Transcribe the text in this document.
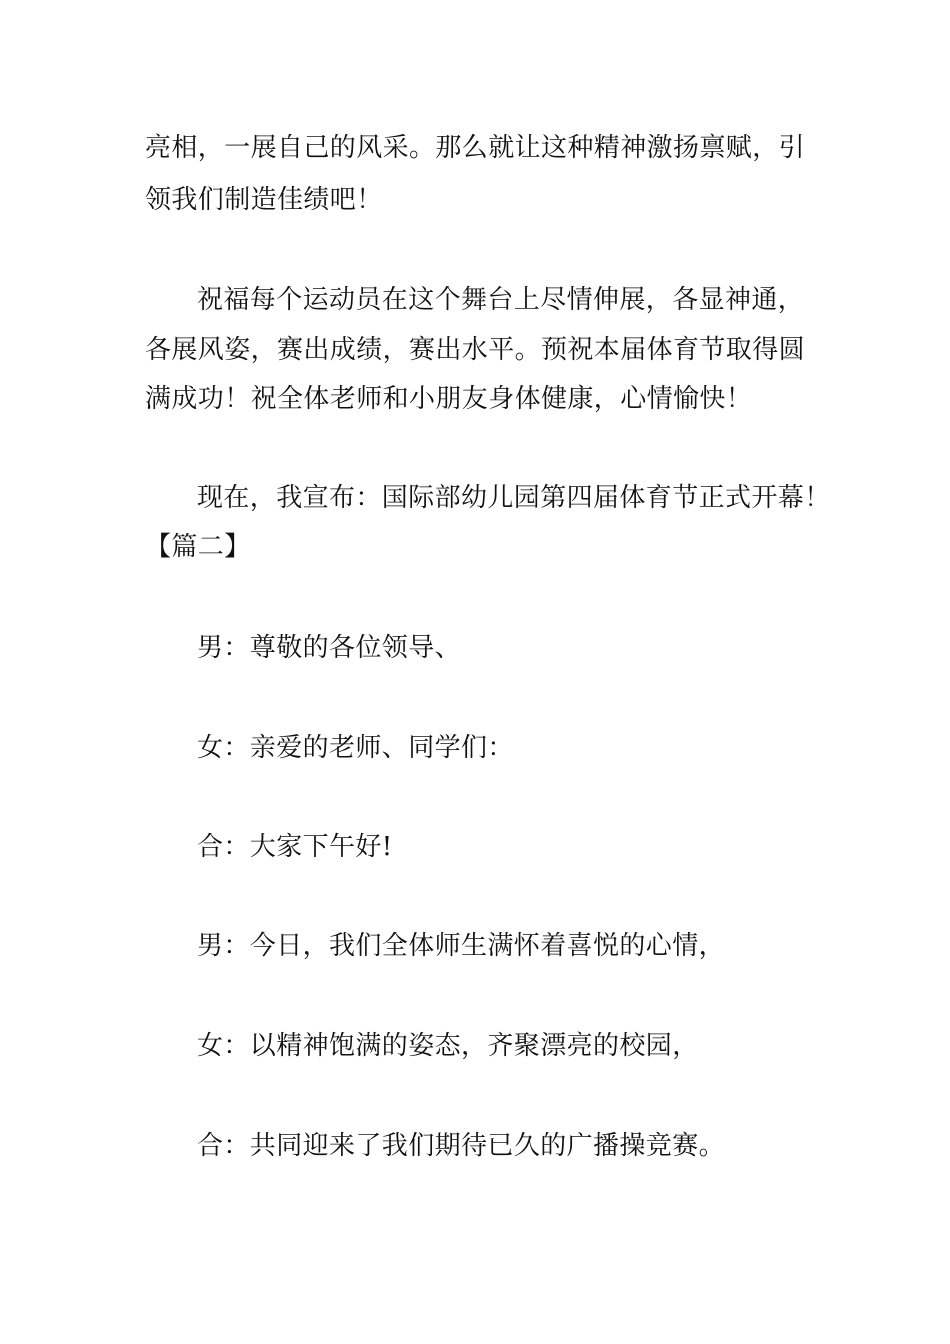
亮相，一展自己的风采。那么就让这种精神激扬禀赋，引
领我们制造佳绩吧！
祝福每个运动员在这个舞台上尽情伸展，各显神通，
各展风姿，赛出成绩，赛出水平。预祝本届体育节取得圆
满成功！祝全体老师和小朋友身体健康，心情愉快！
现在，我宣布：国际部幼儿园第四届体育节正式开幕！
【篇二】
男：尊敬的各位领导、
女：亲爱的老师、同学们：
合：大家下午好!
男：今日，我们全体师生满怀着喜悦的心情，
女：以精神饱满的姿态，齐聚漂亮的校园，
合：共同迎来了我们期待已久的广播操竞赛。
